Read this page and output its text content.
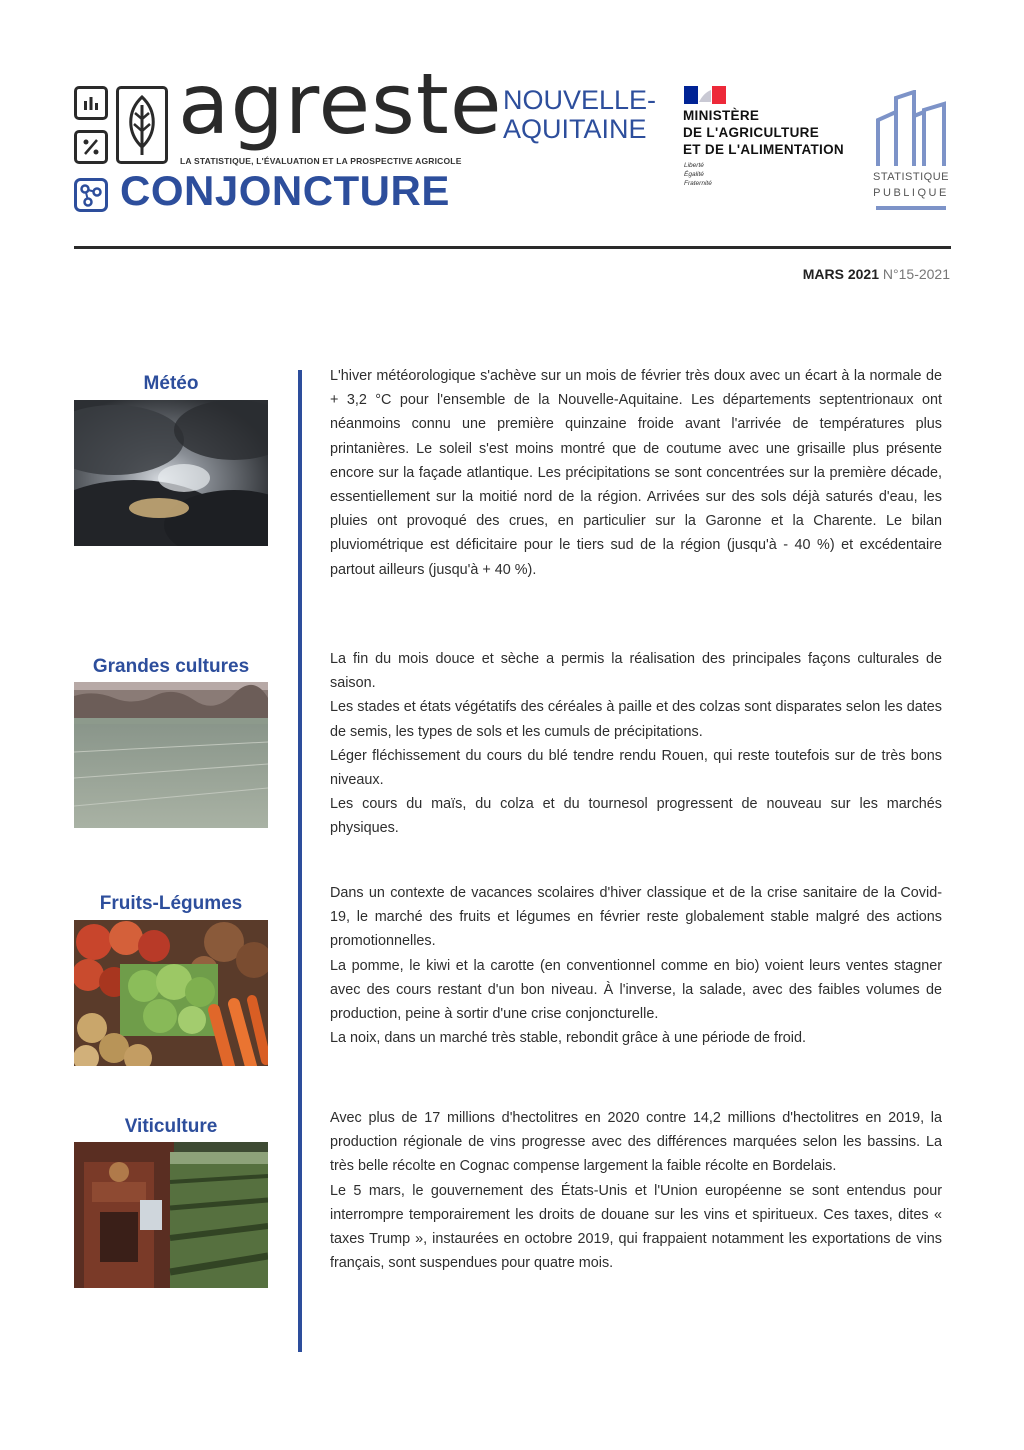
agreste
LA STATISTIQUE, L'ÉVALUATION ET LA PROSPECTIVE AGRICOLE
CONJONCTURE
NOUVELLE-
AQUITAINE	MINISTÈRE
DE L'AGRICULTURE
ET DE L'ALIMENTATION
Liberté
Égalité
Fraternité
STATISTIQUE
PUBLIQUE
MARS 2021 N°15-2021
Météo	L'hiver météorologique s'achève sur un mois de février très doux avec un écart à la normale de + 3,2 °C pour l'ensemble de la Nouvelle-Aquitaine. Les départements septentrionaux ont néanmoins connu une première quinzaine froide avant l'arrivée de températures plus printanières. Le soleil s'est moins montré que de coutume avec une grisaille plus présente encore sur la façade atlantique. Les précipitations se sont concentrées sur la première décade, essentiellement sur la moitié nord de la région. Arrivées sur des sols déjà saturés d'eau, les pluies ont provoqué des crues, en particulier sur la Garonne et la Charente. Le bilan pluviométrique est déficitaire pour le tiers sud de la région (jusqu'à - 40 %) et excédentaire partout ailleurs (jusqu'à + 40 %).

Grandes cultures	La fin du mois douce et sèche a permis la réalisation des principales façons culturales de saison.

Les stades et états végétatifs des céréales à paille et des colzas sont disparates selon les dates de semis, les types de sols et les cumuls de précipitations.

Léger fléchissement du cours du blé tendre rendu Rouen, qui reste toutefois sur de très bons niveaux.

Les cours du maïs, du colza et du tournesol progressent de nouveau sur les marchés physiques.

Fruits-Légumes	Dans un contexte de vacances scolaires d'hiver classique et de la crise sanitaire de la Covid-19, le marché des fruits et légumes en février reste globalement stable malgré des actions promotionnelles.

La pomme, le kiwi et la carotte (en conventionnel comme en bio) voient leurs ventes stagner avec des cours restant d'un bon niveau. À l'inverse, la salade, avec des faibles volumes de production, peine à sortir d'une crise conjoncturelle.

La noix, dans un marché très stable, rebondit grâce à une période de froid.

Viticulture	Avec plus de 17 millions d'hectolitres en 2020 contre 14,2 millions d'hectolitres en 2019, la production régionale de vins progresse avec des différences marquées selon les bassins. La très belle récolte en Cognac compense largement la faible récolte en Bordelais.

Le 5 mars, le gouvernement des États-Unis et l'Union européenne se sont entendus pour interrompre temporairement les droits de douane sur les vins et spiritueux. Ces taxes, dites « taxes Trump », instaurées en octobre 2019, qui frappaient notamment les exportations de vins français, sont suspendues pour quatre mois.
